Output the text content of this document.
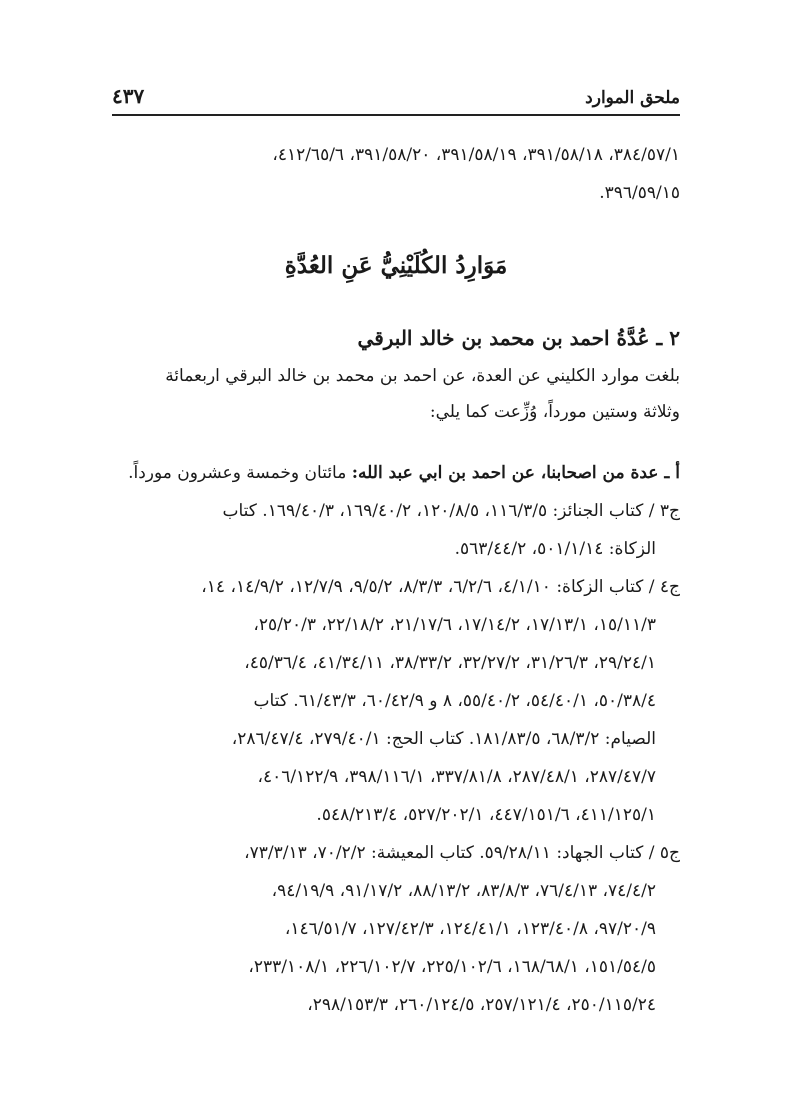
ملحق الموارد
٤٣٧

٣٨٤/٥٧/١، ٣٩١/٥٨/١٨، ٣٩١/٥٨/١٩، ٣٩١/٥٨/٢٠، ٤١٢/٦٥/٦،

٣٩٦/٥٩/١٥.

مَوَارِدُ الكُلَيْنِيُّ عَنِ العُدَّةِ
٢ ـ عُدَّةُ احمد بن محمد بن خالد البرقي

بلغت موارد الكليني عن العدة، عن احمد بن محمد بن خالد البرقي اربعمائة

وثلاثة وستين مورداً، وُزِّعت كما يلي:

أ ـ عدة من اصحابنا، عن احمد بن ابي عبد الله: مائتان وخمسة وعشرون مورداً.

ج٣ / كتاب الجنائز: ١١٦/٣/٥، ١٢٠/٨/٥، ١٦٩/٤٠/٢، ١٦٩/٤٠/٣. كتاب

الزكاة: ٥٠١/١/١٤، ٥٦٣/٤٤/٢.

ج٤ / كتاب الزكاة: ٤/١/١٠، ٦/٢/٦، ٨/٣/٣، ٩/٥/٢، ١٢/٧/٩، ١٤/٩/٢، ١٤،

١٥/١١/٣، ١٧/١٣/١، ١٧/١٤/٢، ٢١/١٧/٦، ٢٢/١٨/٢، ٢٥/٢٠/٣،

٢٩/٢٤/١، ٣١/٢٦/٣، ٣٢/٢٧/٢، ٣٨/٣٣/٢، ٤١/٣٤/١١، ٤٥/٣٦/٤،

٥٠/٣٨/٤، ٥٤/٤٠/١، ٥٥/٤٠/٢، ٨ و ٦٠/٤٢/٩، ٦١/٤٣/٣. كتاب

الصيام: ٦٨/٣/٢، ١٨١/٨٣/٥. كتاب الحج: ٢٧٩/٤٠/١، ٢٨٦/٤٧/٤،

٢٨٧/٤٧/٧، ٢٨٧/٤٨/١، ٣٣٧/٨١/٨، ٣٩٨/١١٦/١، ٤٠٦/١٢٢/٩،

٤١١/١٢٥/١، ٤٤٧/١٥١/٦، ٥٢٧/٢٠٢/١، ٥٤٨/٢١٣/٤.

ج٥ / كتاب الجهاد: ٥٩/٢٨/١١. كتاب المعيشة: ٧٠/٢/٢، ٧٣/٣/١٣،

٧٤/٤/٢، ٧٦/٤/١٣، ٨٣/٨/٣، ٨٨/١٣/٢، ٩١/١٧/٢، ٩٤/١٩/٩،

٩٧/٢٠/٩، ١٢٣/٤٠/٨، ١٢٤/٤١/١، ١٢٧/٤٢/٣، ١٤٦/٥١/٧،

١٥١/٥٤/٥، ١٦٨/٦٨/١، ٢٢٥/١٠٢/٦، ٢٢٦/١٠٢/٧، ٢٣٣/١٠٨/١،

٢٥٠/١١٥/٢٤، ٢٥٧/١٢١/٤، ٢٦٠/١٢٤/٥، ٢٩٨/١٥٣/٣،
